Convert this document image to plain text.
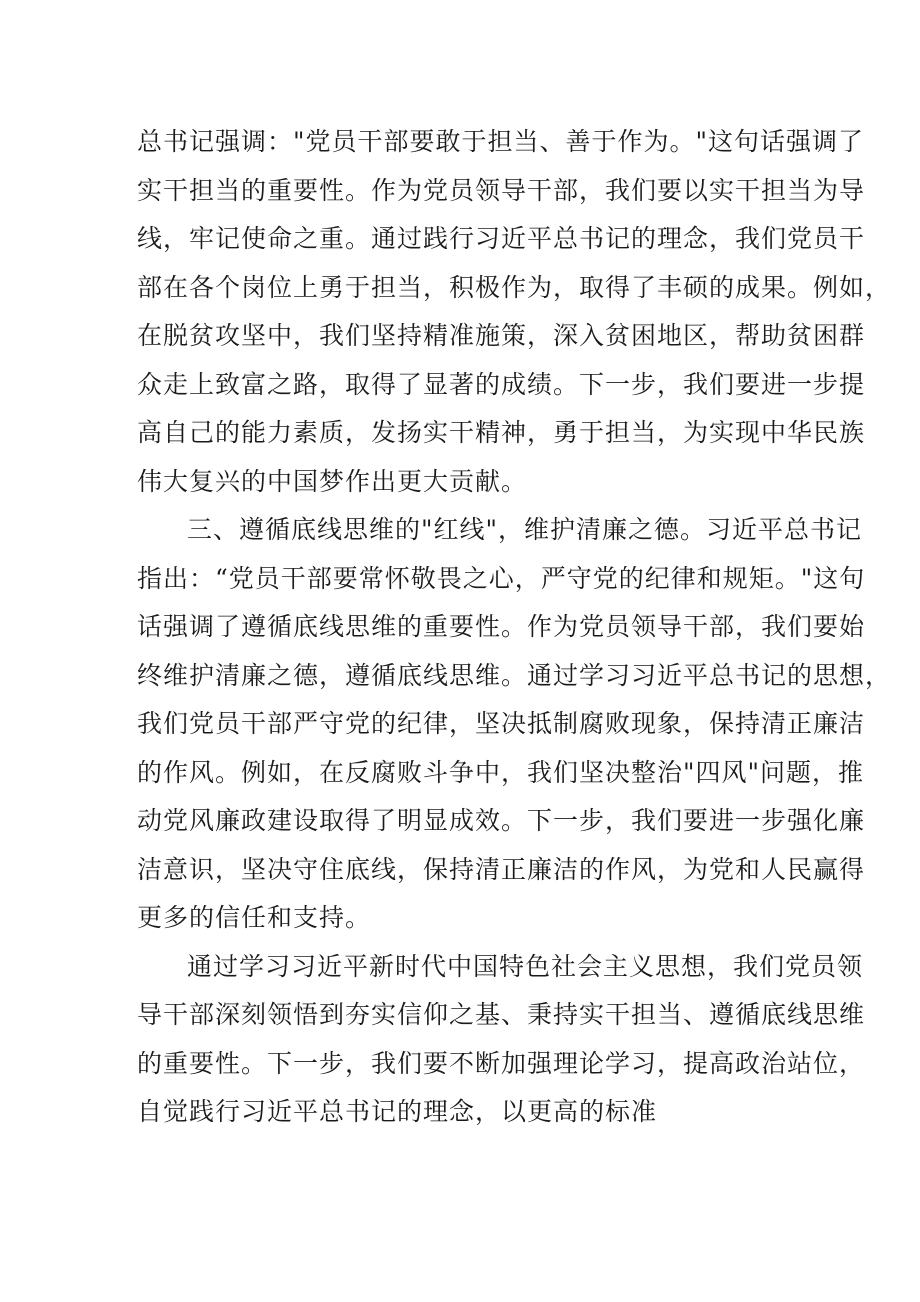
总书记强调："党员干部要敢于担当、善于作为。"这句话强调了
实干担当的重要性。作为党员领导干部，我们要以实干担当为导
线，牢记使命之重。通过践行习近平总书记的理念，我们党员干
部在各个岗位上勇于担当，积极作为，取得了丰硕的成果。例如，
在脱贫攻坚中，我们坚持精准施策，深入贫困地区，帮助贫困群
众走上致富之路，取得了显著的成绩。下一步，我们要进一步提
高自己的能力素质，发扬实干精神，勇于担当，为实现中华民族
伟大复兴的中国梦作出更大贡献。
三、遵循底线思维的"红线"，维护清廉之德。习近平总书记
指出：“党员干部要常怀敬畏之心，严守党的纪律和规矩。"这句
话强调了遵循底线思维的重要性。作为党员领导干部，我们要始
终维护清廉之德，遵循底线思维。通过学习习近平总书记的思想，
我们党员干部严守党的纪律，坚决抵制腐败现象，保持清正廉洁
的作风。例如，在反腐败斗争中，我们坚决整治"四风"问题，推
动党风廉政建设取得了明显成效。下一步，我们要进一步强化廉
洁意识，坚决守住底线，保持清正廉洁的作风，为党和人民赢得
更多的信任和支持。
通过学习习近平新时代中国特色社会主义思想，我们党员领
导干部深刻领悟到夯实信仰之基、秉持实干担当、遵循底线思维
的重要性。下一步，我们要不断加强理论学习，提高政治站位，
自觉践行习近平总书记的理念，以更高的标准
